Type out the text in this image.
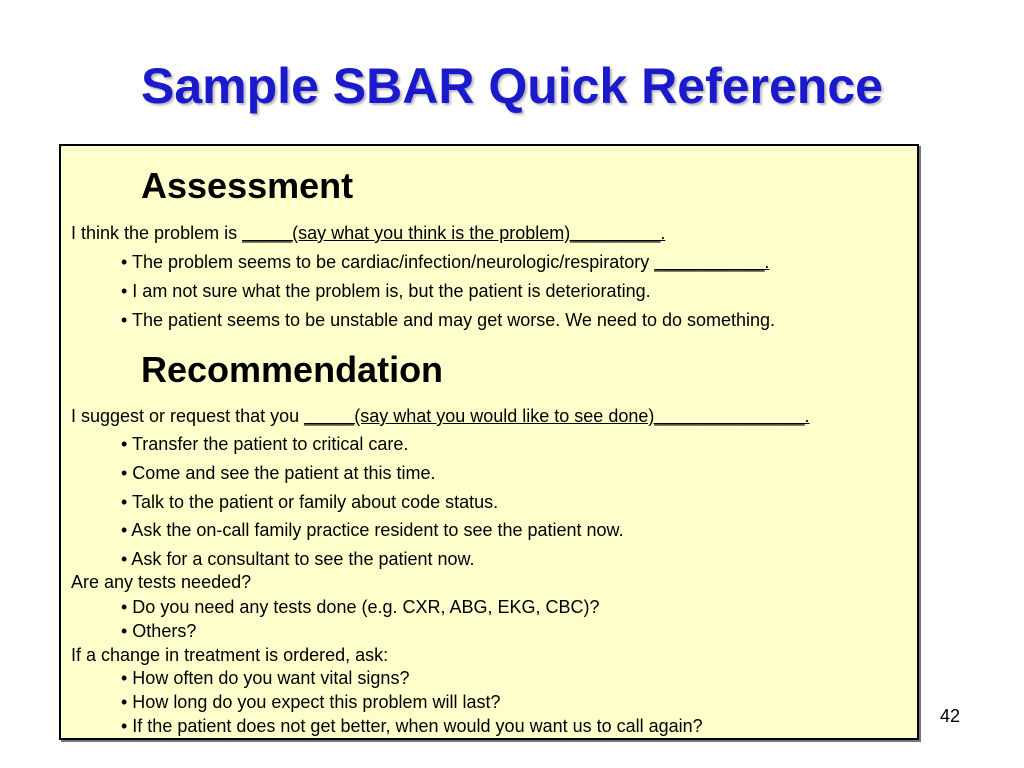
Sample SBAR Quick Reference
Assessment
I think the problem is _____(say what you think is the problem)_________.
• The problem seems to be cardiac/infection/neurologic/respiratory ___________.
• I am not sure what the problem is, but the patient is deteriorating.
• The patient seems to be unstable and may get worse. We need to do something.
Recommendation
I suggest or request that you _____(say what you would like to see done)_______________.
• Transfer the patient to critical care.
• Come and see the patient at this time.
• Talk to the patient or family about code status.
• Ask the on-call family practice resident to see the patient now.
• Ask for a consultant to see the patient now.
Are any tests needed?
• Do you need any tests done (e.g. CXR, ABG, EKG, CBC)?
• Others?
If a change in treatment is ordered, ask:
• How often do you want vital signs?
• How long do you expect this problem will last?
• If the patient does not get better, when would you want us to call again?	42
